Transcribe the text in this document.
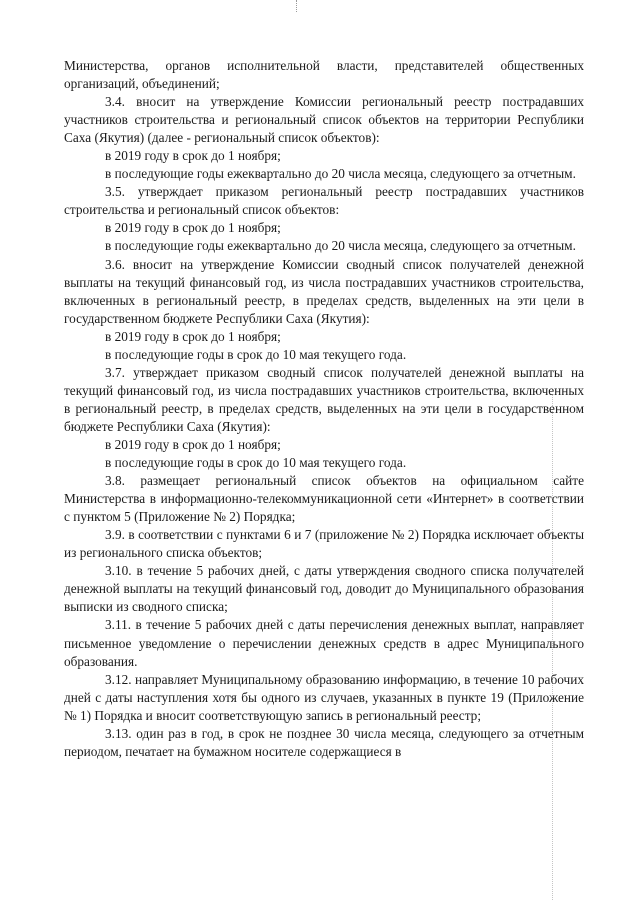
Министерства, органов исполнительной власти, представителей общественных организаций, объединений;

3.4. вносит на утверждение Комиссии региональный реестр пострадавших участников строительства и региональный список объектов на территории Республики Саха (Якутия) (далее - региональный список объектов):

в 2019 году в срок до 1 ноября;

в последующие годы ежеквартально до 20 числа месяца, следующего за отчетным.

3.5. утверждает приказом региональный реестр пострадавших участников строительства и региональный список объектов:

в 2019 году в срок до 1 ноября;

в последующие годы ежеквартально до 20 числа месяца, следующего за отчетным.

3.6. вносит на утверждение Комиссии сводный список получателей денежной выплаты на текущий финансовый год, из числа пострадавших участников строительства, включенных в региональный реестр, в пределах средств, выделенных на эти цели в государственном бюджете Республики Саха (Якутия):

в 2019 году в срок до 1 ноября;

в последующие годы в срок до 10 мая текущего года.

3.7. утверждает приказом сводный список получателей денежной выплаты на текущий финансовый год, из числа пострадавших участников строительства, включенных в региональный реестр, в пределах средств, выделенных на эти цели в государственном бюджете Республики Саха (Якутия):

в 2019 году в срок до 1 ноября;

в последующие годы в срок до 10 мая текущего года.

3.8. размещает региональный список объектов на официальном сайте Министерства в информационно-телекоммуникационной сети «Интернет» в соответствии с пунктом 5 (Приложение № 2) Порядка;

3.9. в соответствии с пунктами 6 и 7 (приложение № 2) Порядка исключает объекты из регионального списка объектов;

3.10. в течение 5 рабочих дней, с даты утверждения сводного списка получателей денежной выплаты на текущий финансовый год, доводит до Муниципального образования выписки из сводного списка;

3.11. в течение 5 рабочих дней с даты перечисления денежных выплат, направляет письменное уведомление о перечислении денежных средств в адрес Муниципального образования.

3.12. направляет Муниципальному образованию информацию, в течение 10 рабочих дней с даты наступления хотя бы одного из случаев, указанных в пункте 19 (Приложение № 1) Порядка и вносит соответствующую запись в региональный реестр;

3.13. один раз в год, в срок не позднее 30 числа месяца, следующего за отчетным периодом, печатает на бумажном носителе содержащиеся в
